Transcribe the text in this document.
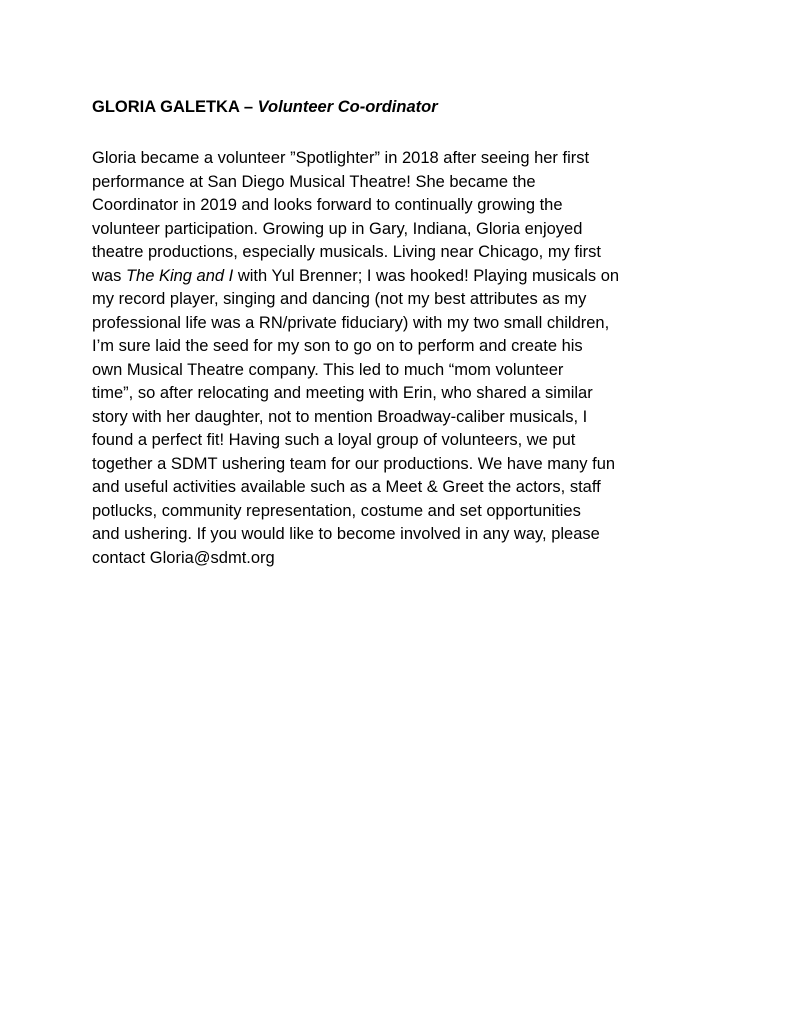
GLORIA GALETKA – Volunteer Co-ordinator
Gloria became a volunteer ”Spotlighter” in 2018 after seeing her first
performance at San Diego Musical Theatre! She became the
Coordinator in 2019 and looks forward to continually growing the
volunteer participation. Growing up in Gary, Indiana, Gloria enjoyed
theatre productions, especially musicals. Living near Chicago, my first
was The King and I with Yul Brenner; I was hooked! Playing musicals on
my record player, singing and dancing (not my best attributes as my
professional life was a RN/private fiduciary) with my two small children,
I’m sure laid the seed for my son to go on to perform and create his
own Musical Theatre company. This led to much “mom volunteer
time”, so after relocating and meeting with Erin, who shared a similar
story with her daughter, not to mention Broadway-caliber musicals, I
found a perfect fit! Having such a loyal group of volunteers, we put
together a SDMT ushering team for our productions. We have many fun
and useful activities available such as a Meet & Greet the actors, staff
potlucks, community representation, costume and set opportunities
and ushering. If you would like to become involved in any way, please
contact Gloria@sdmt.org
